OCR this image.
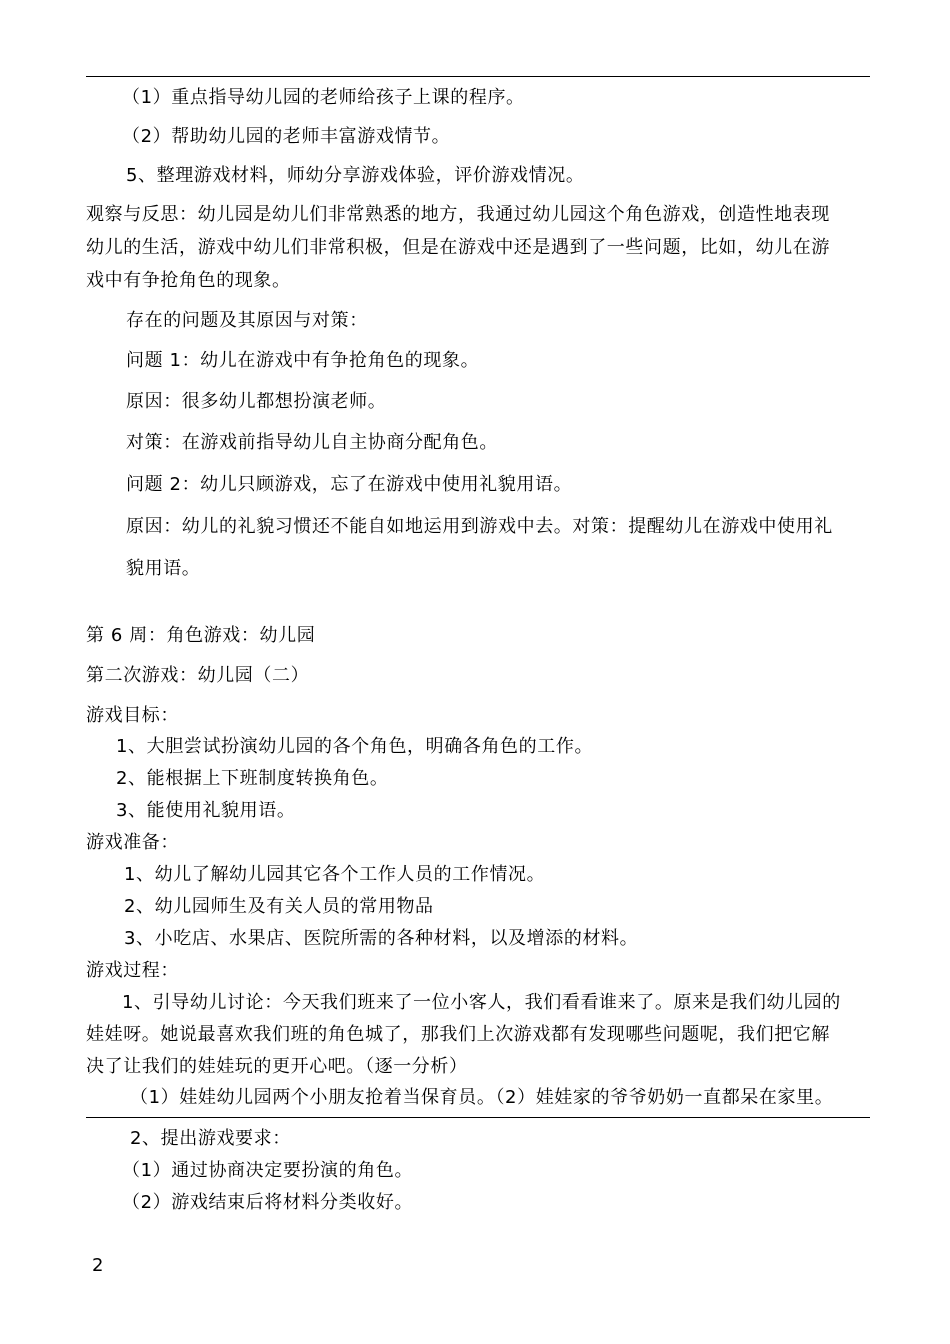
（1）重点指导幼儿园的老师给孩子上课的程序。
（2）帮助幼儿园的老师丰富游戏情节。
5、整理游戏材料，师幼分享游戏体验，评价游戏情况。
观察与反思：幼儿园是幼儿们非常熟悉的地方，我通过幼儿园这个角色游戏，创造性地表现
幼儿的生活，游戏中幼儿们非常积极，但是在游戏中还是遇到了一些问题，比如，幼儿在游
戏中有争抢角色的现象。
存在的问题及其原因与对策：
问题 1：幼儿在游戏中有争抢角色的现象。
原因：很多幼儿都想扮演老师。
对策：在游戏前指导幼儿自主协商分配角色。
问题 2：幼儿只顾游戏，忘了在游戏中使用礼貌用语。
原因：幼儿的礼貌习惯还不能自如地运用到游戏中去。对策：提醒幼儿在游戏中使用礼
貌用语。
第 6 周：角色游戏：幼儿园
第二次游戏：幼儿园（二）
游戏目标：
1、大胆尝试扮演幼儿园的各个角色，明确各角色的工作。
2、能根据上下班制度转换角色。
3、能使用礼貌用语。
游戏准备：
1、幼儿了解幼儿园其它各个工作人员的工作情况。
2、幼儿园师生及有关人员的常用物品
3、小吃店、水果店、医院所需的各种材料，以及增添的材料。
游戏过程：
1、引导幼儿讨论：今天我们班来了一位小客人，我们看看谁来了。原来是我们幼儿园的
娃娃呀。她说最喜欢我们班的角色城了，那我们上次游戏都有发现哪些问题呢，我们把它解
决了让我们的娃娃玩的更开心吧。（逐一分析）
（1）娃娃幼儿园两个小朋友抢着当保育员。（2）娃娃家的爷爷奶奶一直都呆在家里。
2、提出游戏要求：
（1）通过协商决定要扮演的角色。
（2）游戏结束后将材料分类收好。
2
